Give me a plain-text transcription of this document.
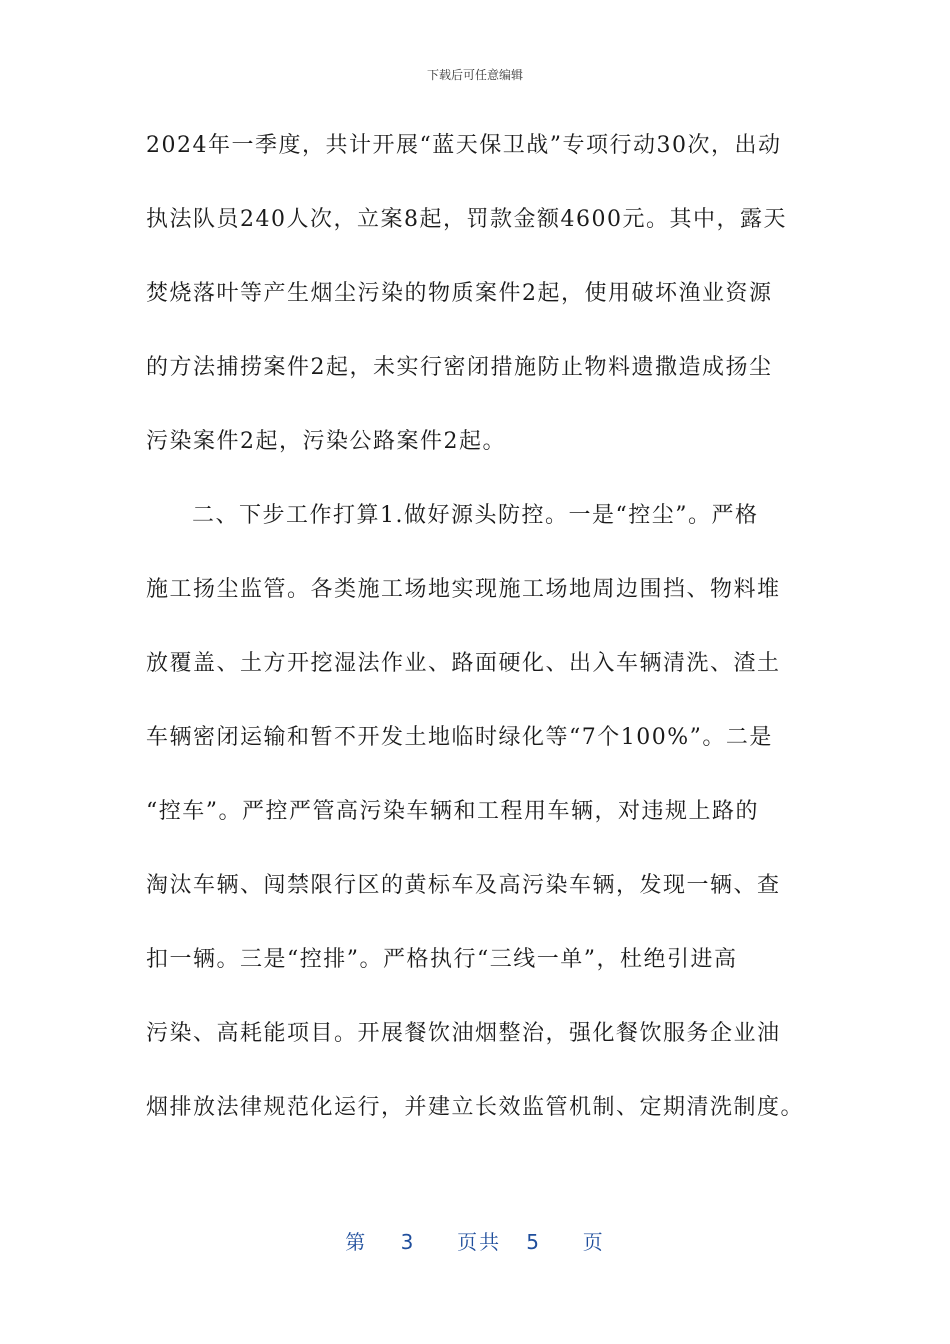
下载后可任意编辑
2024年一季度，共计开展“蓝天保卫战”专项行动30次，出动
执法队员240人次，立案8起，罚款金额4600元。其中，露天
焚烧落叶等产生烟尘污染的物质案件2起，使用破坏渔业资源
的方法捕捞案件2起，未实行密闭措施防止物料遗撒造成扬尘
污染案件2起，污染公路案件2起。
二、下步工作打算1.做好源头防控。一是“控尘”。严格
施工扬尘监管。各类施工场地实现施工场地周边围挡、物料堆
放覆盖、土方开挖湿法作业、路面硬化、出入车辆清洗、渣土
车辆密闭运输和暂不开发土地临时绿化等“7个100%”。二是
“控车”。严控严管高污染车辆和工程用车辆，对违规上路的
淘汰车辆、闯禁限行区的黄标车及高污染车辆，发现一辆、查
扣一辆。三是“控排”。严格执行“三线一单”，杜绝引进高
污染、高耗能项目。开展餐饮油烟整治，强化餐饮服务企业油
烟排放法律规范化运行，并建立长效监管机制、定期清洗制度。
第 3 页共 5 页
